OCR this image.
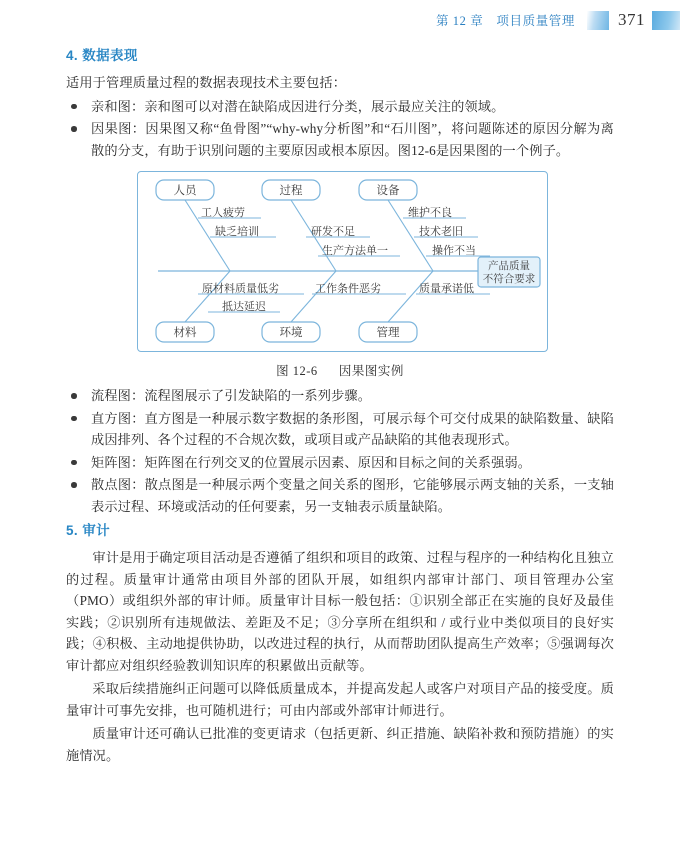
第 12 章　项目质量管理	371
4. 数据表现

适用于管理质量过程的数据表现技术主要包括：

亲和图：亲和图可以对潜在缺陷成因进行分类，展示最应关注的领域。
因果图：因果图又称“鱼骨图”“why-why分析图”和“石川图”，将问题陈述的原因分解为离散的分支，有助于识别问题的主要原因或根本原因。图12-6是因果图的一个例子。
人员	过程	设备
材料	环境	管理
工人疲劳
缺乏培训	研发不足
生产方法单一
维护不良
技术老旧
操作不当
原材料质量低劣
抵达延迟
工作条件恶劣	质量承诺低
产品质量
不符合要求
图 12-6 因果图实例
流程图：流程图展示了引发缺陷的一系列步骤。
直方图：直方图是一种展示数字数据的条形图，可展示每个可交付成果的缺陷数量、缺陷成因排列、各个过程的不合规次数，或项目或产品缺陷的其他表现形式。
矩阵图：矩阵图在行列交叉的位置展示因素、原因和目标之间的关系强弱。
散点图：散点图是一种展示两个变量之间关系的图形，它能够展示两支轴的关系，一支轴表示过程、环境或活动的任何要素，另一支轴表示质量缺陷。
5. 审计

审计是用于确定项目活动是否遵循了组织和项目的政策、过程与程序的一种结构化且独立的过程。质量审计通常由项目外部的团队开展，如组织内部审计部门、项目管理办公室（PMO）或组织外部的审计师。质量审计目标一般包括：①识别全部正在实施的良好及最佳实践；②识别所有违规做法、差距及不足；③分享所在组织和 / 或行业中类似项目的良好实践；④积极、主动地提供协助，以改进过程的执行，从而帮助团队提高生产效率；⑤强调每次审计都应对组织经验教训知识库的积累做出贡献等。

采取后续措施纠正问题可以降低质量成本，并提高发起人或客户对项目产品的接受度。质量审计可事先安排，也可随机进行；可由内部或外部审计师进行。

质量审计还可确认已批准的变更请求（包括更新、纠正措施、缺陷补救和预防措施）的实施情况。
